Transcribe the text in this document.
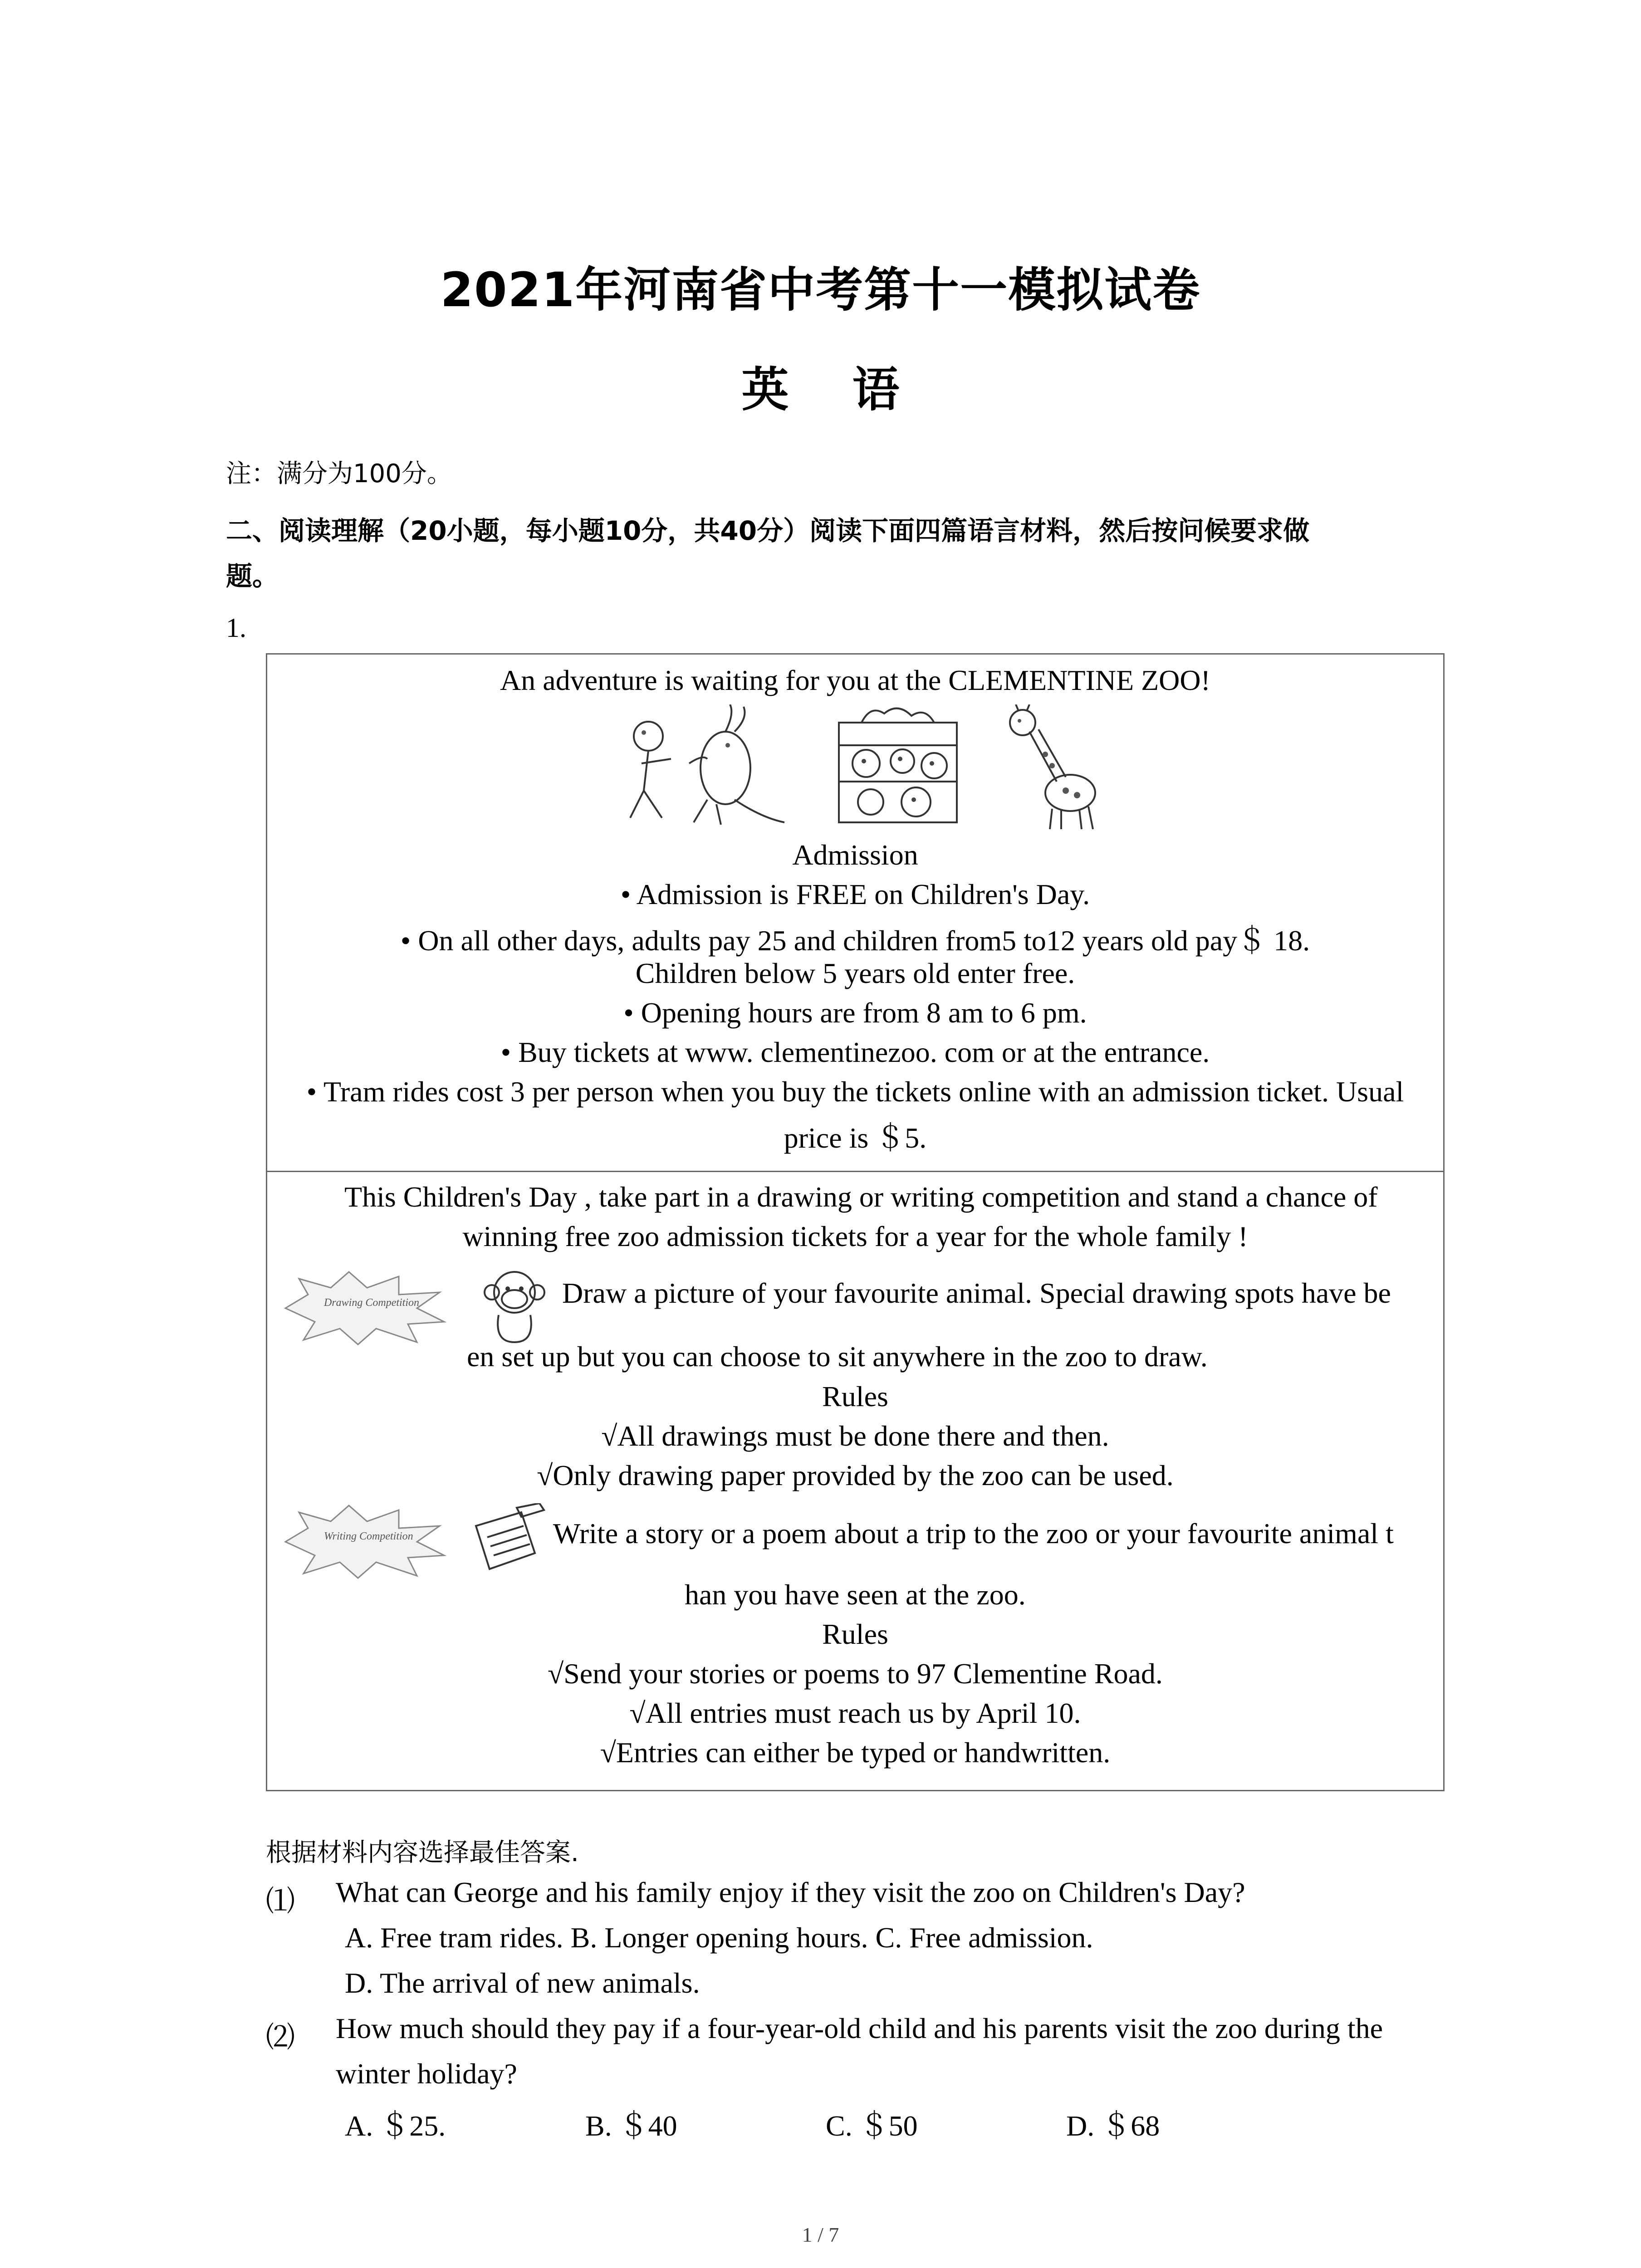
2021年河南省中考第十一模拟试卷
英 语
注：满分为100分。
二、阅读理解（20小题，每小题10分，共40分）阅读下面四篇语言材料，然后按问候要求做
题。
1.
An adventure is waiting for you at the CLEMENTINE ZOO!
Admission
• Admission is FREE on Children's Day.
• On all other days, adults pay 25 and children from5 to12 years old pay＄ 18.
Children below 5 years old enter free.
• Opening hours are from 8 am to 6 pm.
• Buy tickets at www. clementinezoo. com or at the entrance.
• Tram rides cost 3 per person when you buy the tickets online with an admission ticket. Usual
price is ＄5.
This Children's Day , take part in a drawing or writing competition and stand a chance of
winning free zoo admission tickets for a year for the whole family !
Drawing Competition	Draw a picture of your favourite animal. Special drawing spots have be
en set up but you can choose to sit anywhere in the zoo to draw.
Rules
√All drawings must be done there and then.
√Only drawing paper provided by the zoo can be used.
Writing Competition	Write a story or a poem about a trip to the zoo or your favourite animal t
han you have seen at the zoo.
Rules
√Send your stories or poems to 97 Clementine Road.
√All entries must reach us by April 10.
√Entries can either be typed or handwritten.
根据材料内容选择最佳答案.
⑴ What can George and his family enjoy if they visit the zoo on Children's Day?
A. Free tram rides. B. Longer opening hours. C. Free admission.
D. The arrival of new animals.
⑵ How much should they pay if a four-year-old child and his parents visit the zoo during the
winter holiday?
A. ＄25.	B. ＄40	C. ＄50	D. ＄68
1 / 7
